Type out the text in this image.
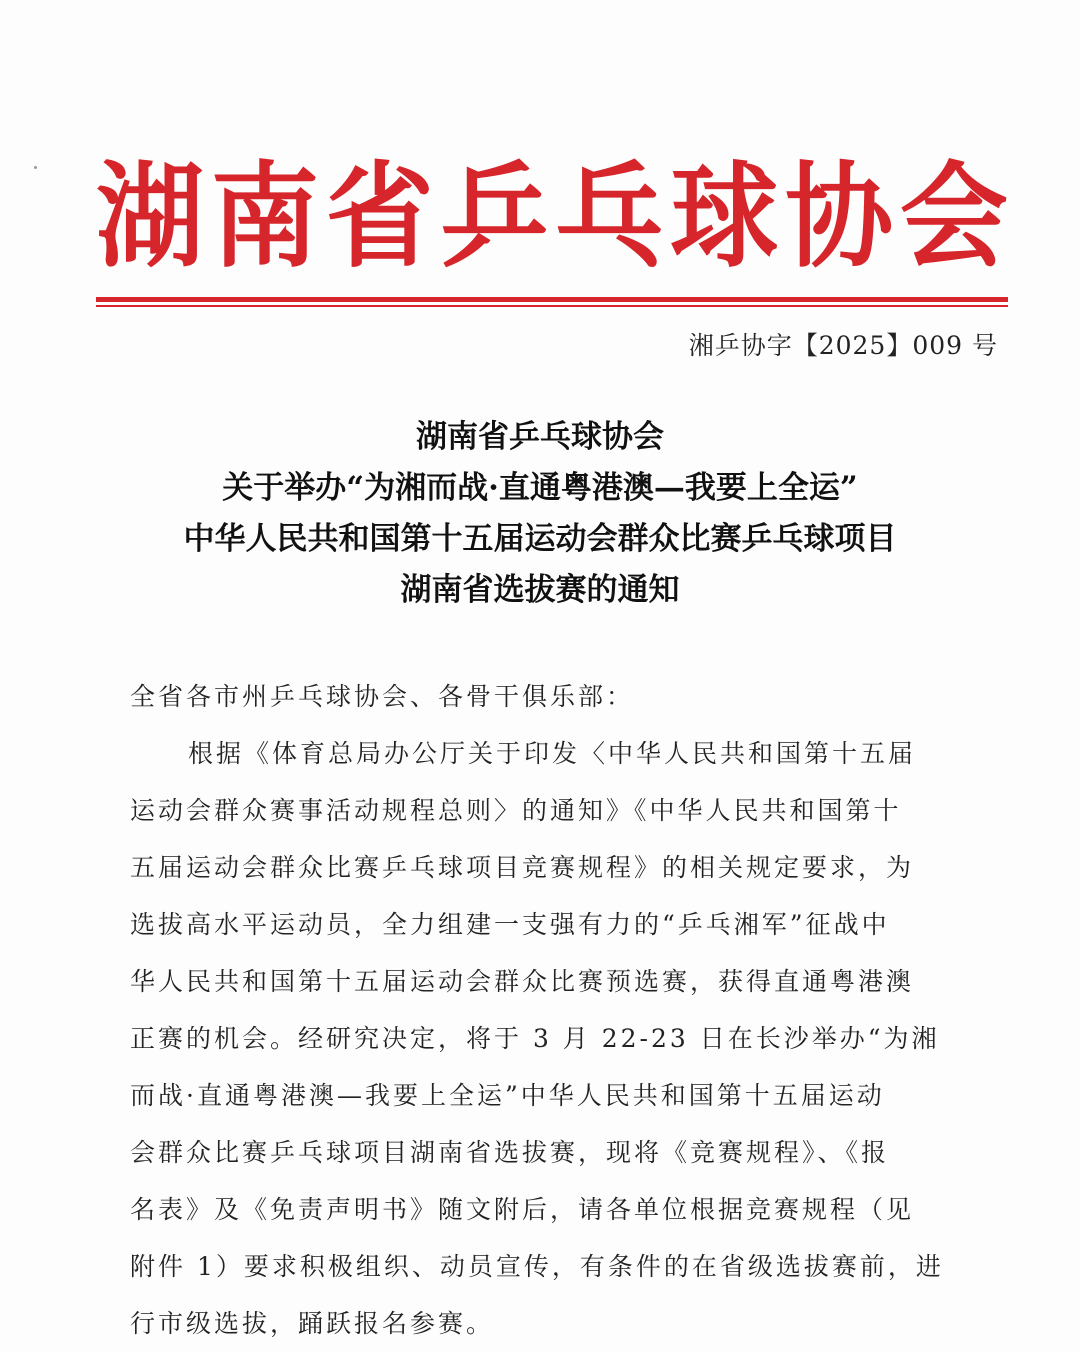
湖 南 省 乒 乓 球 协 会
湘乒协字【2025】009 号
湖南省乒乓球协会
关于举办“为湘而战·直通粤港澳—我要上全运”
中华人民共和国第十五届运动会群众比赛乒乓球项目
湖南省选拔赛的通知
全省各市州乒乓球协会、各骨干俱乐部：
根据《体育总局办公厅关于印发〈中华人民共和国第十五届
运动会群众赛事活动规程总则〉的通知》《中华人民共和国第十
五届运动会群众比赛乒乓球项目竞赛规程》的相关规定要求，为
选拔高水平运动员，全力组建一支强有力的“乒乓湘军”征战中
华人民共和国第十五届运动会群众比赛预选赛，获得直通粤港澳
正赛的机会。经研究决定，将于 3 月 22-23 日在长沙举办“为湘
而战·直通粤港澳—我要上全运”中华人民共和国第十五届运动
会群众比赛乒乓球项目湖南省选拔赛，现将《竞赛规程》、《报
名表》及《免责声明书》随文附后，请各单位根据竞赛规程（见
附件 1）要求积极组织、动员宣传，有条件的在省级选拔赛前，进
行市级选拔，踊跃报名参赛。
